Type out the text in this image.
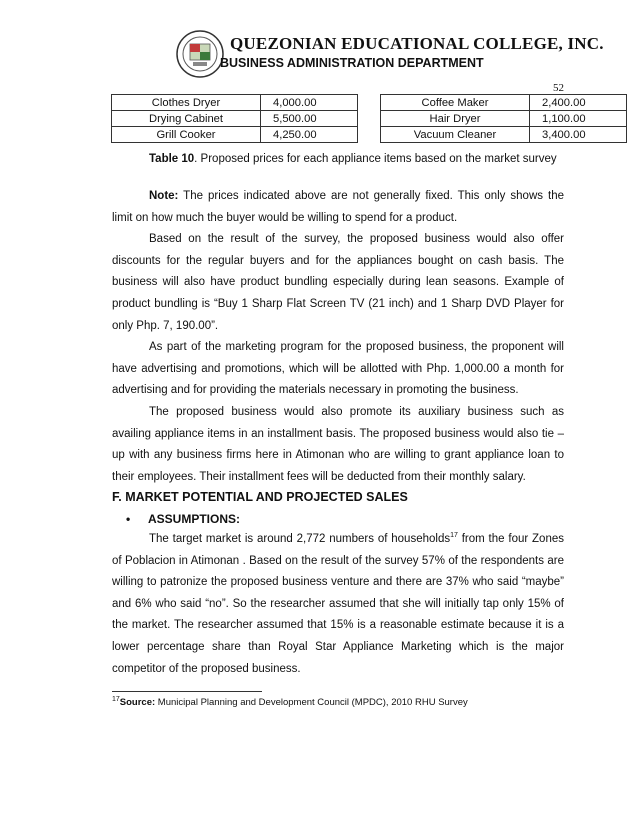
QUEZONIAN EDUCATIONAL COLLEGE, INC.
BUSINESS ADMINISTRATION DEPARTMENT
52
Clothes Dryer	4,000.00		Coffee Maker	2,400.00
Drying Cabinet	5,500.00		Hair Dryer	1,100.00
Grill Cooker	4,250.00		Vacuum Cleaner	3,400.00
Table 10. Proposed prices for each appliance items based on the market survey

Note: The prices indicated above are not generally fixed. This only shows the limit on how much the buyer would be willing to spend for a product.

Based on the result of the survey, the proposed business would also offer discounts for the regular buyers and for the appliances bought on cash basis. The business will also have product bundling especially during lean seasons. Example of product bundling is “Buy 1 Sharp Flat Screen TV (21 inch) and 1 Sharp DVD Player for only Php. 7, 190.00”.

As part of the marketing program for the proposed business, the proponent will have advertising and promotions, which will be allotted with Php. 1,000.00 a month for advertising and for providing the materials necessary in promoting the business.

The proposed business would also promote its auxiliary business such as availing appliance items in an installment basis. The proposed business would also tie – up with any business firms here in Atimonan who are willing to grant appliance loan to their employees. Their installment fees will be deducted from their monthly salary.

F. MARKET POTENTIAL AND PROJECTED SALES
• ASSUMPTIONS:

The target market is around 2,772 numbers of households$^{17}$ from the four Zones of Poblacion in Atimonan . Based on the result of the survey 57% of the respondents are willing to patronize the proposed business venture and there are 37% who said “maybe” and 6% who said “no”. So the researcher assumed that she will initially tap only 15% of the market. The researcher assumed that 15% is a reasonable estimate because it is a lower percentage share than Royal Star Appliance Marketing which is the major competitor of the proposed business.

$^{17}$Source: Municipal Planning and Development Council (MPDC), 2010 RHU Survey
